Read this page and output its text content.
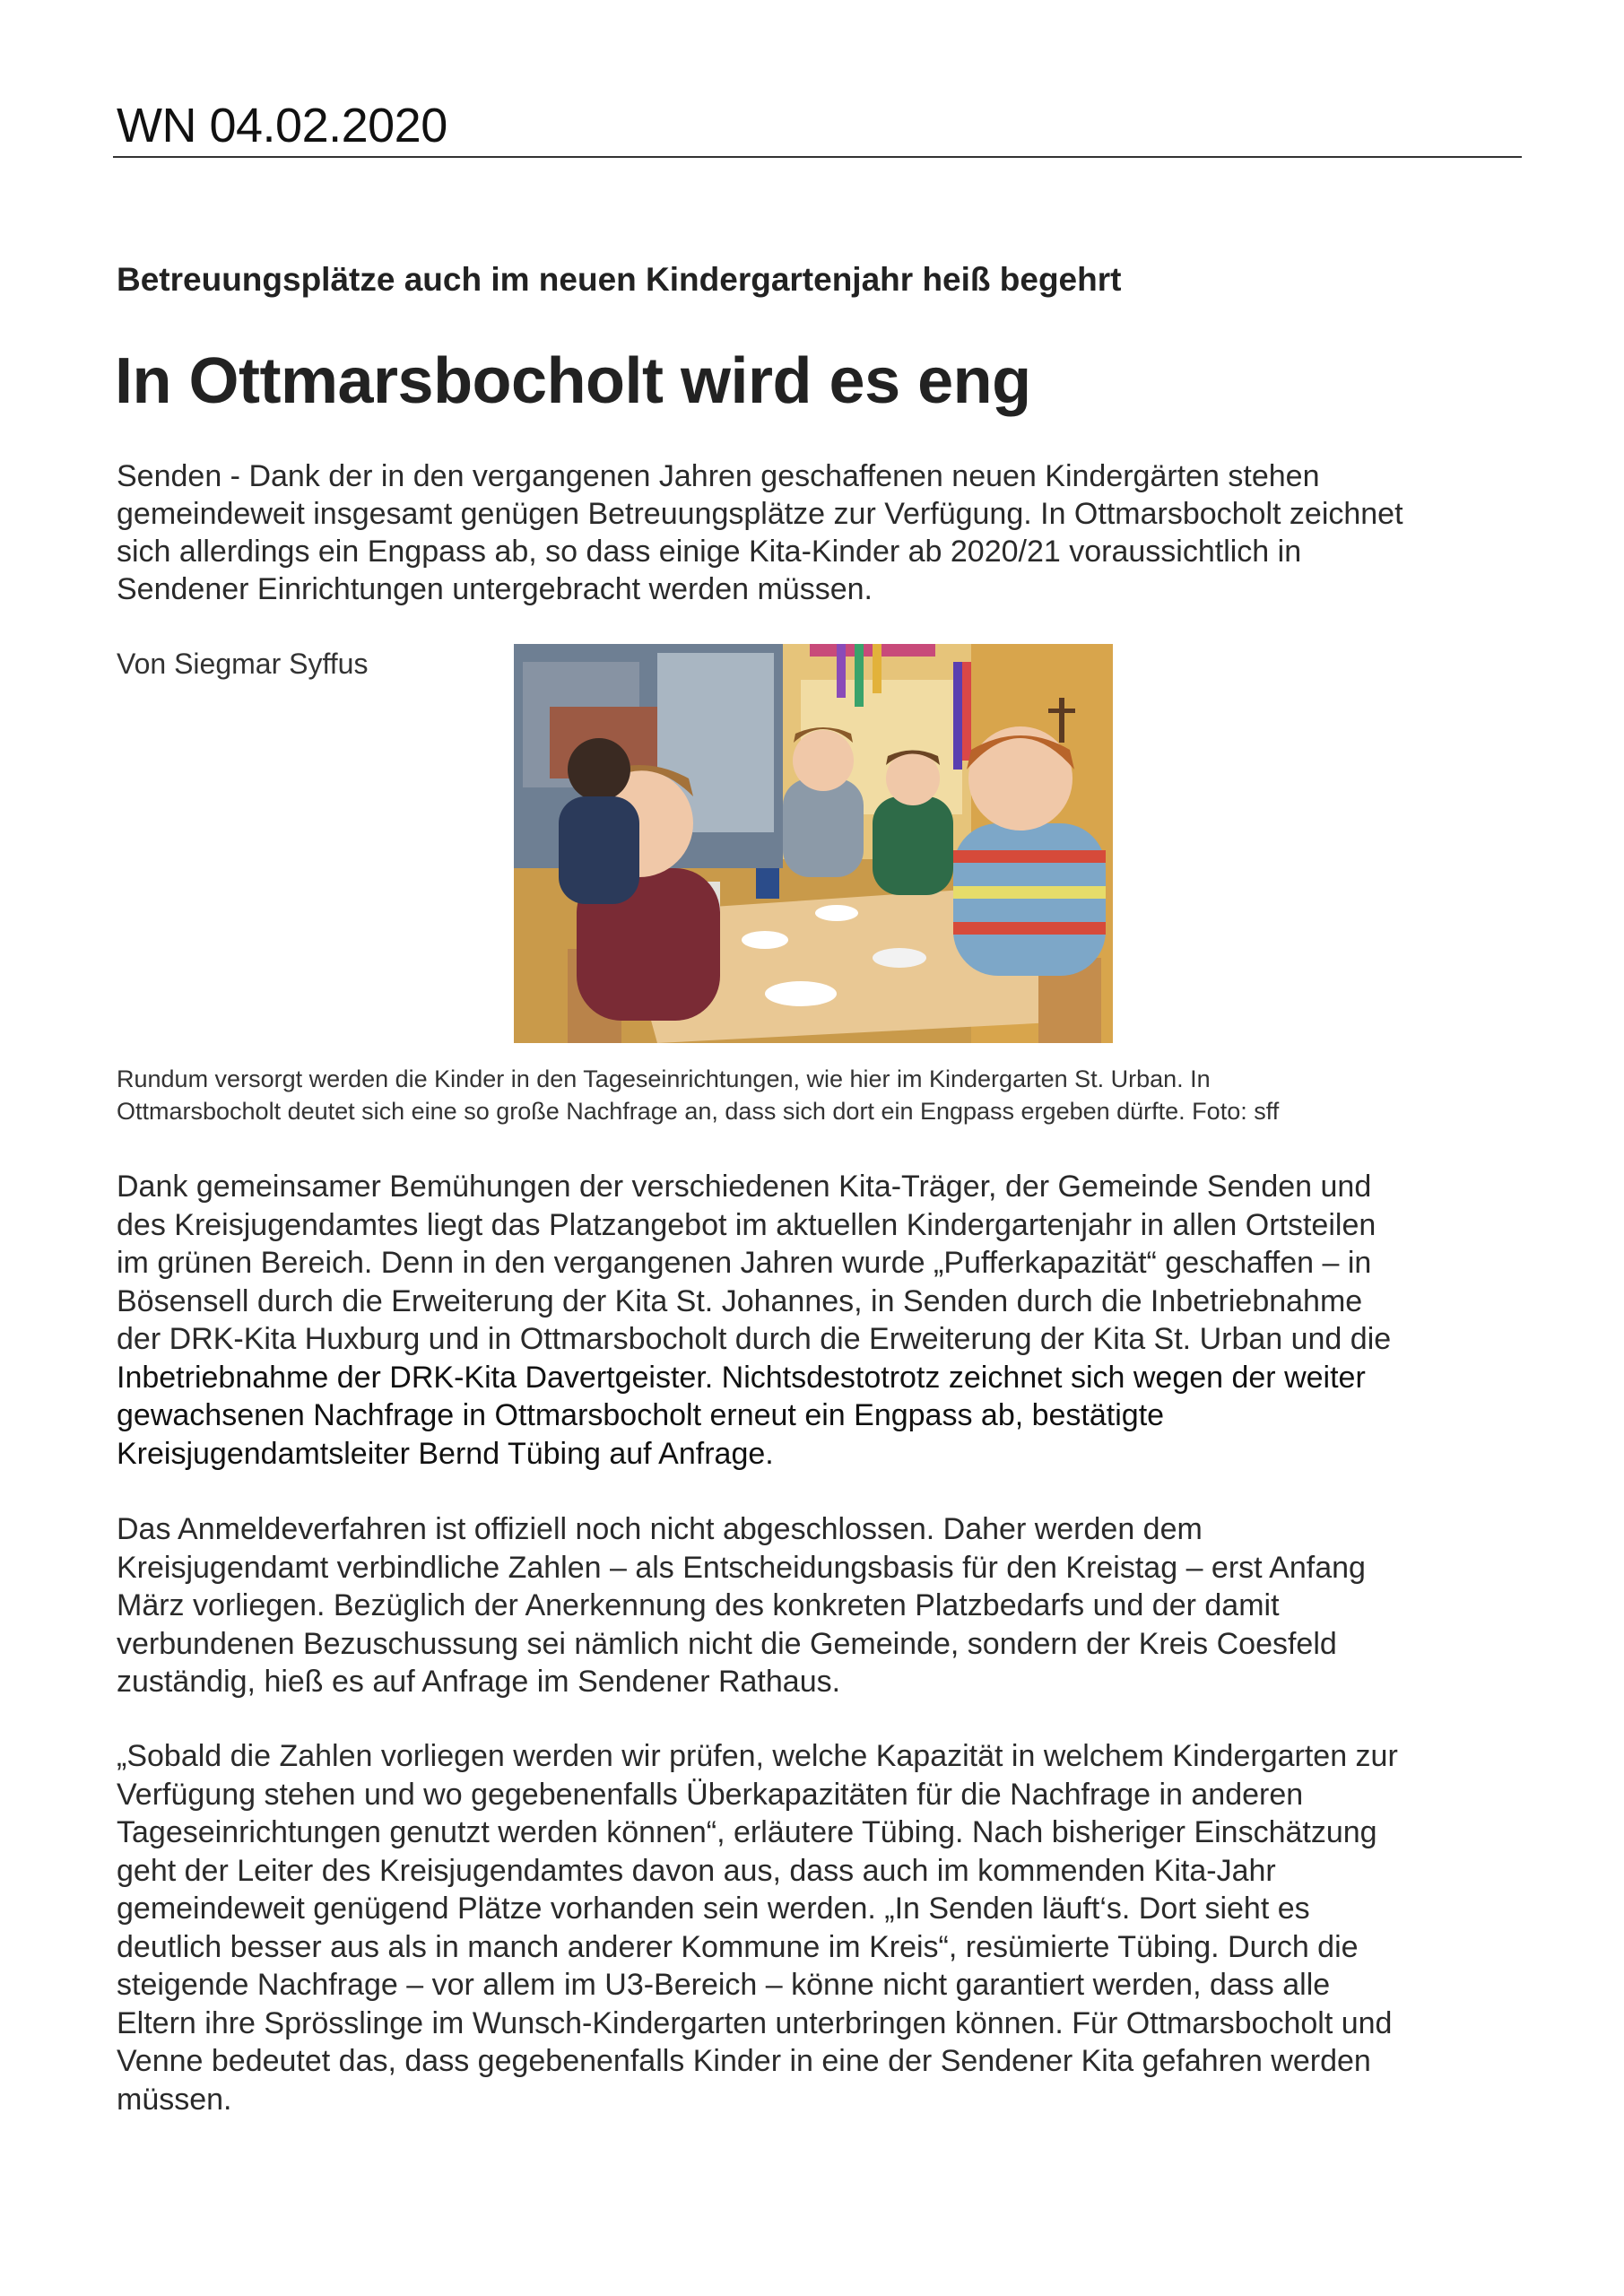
WN 04.02.2020
Betreuungsplätze auch im neuen Kindergartenjahr heiß begehrt
In Ottmarsbocholt wird es eng

Senden - Dank der in den vergangenen Jahren geschaffenen neuen Kindergärten stehen
gemeindeweit insgesamt genügen Betreuungsplätze zur Verfügung. In Ottmarsbocholt zeichnet
sich allerdings ein Engpass ab, so dass einige Kita-Kinder ab 2020/21 voraussichtlich in
Sendener Einrichtungen untergebracht werden müssen.

Von Siegmar Syffus

Rundum versorgt werden die Kinder in den Tageseinrichtungen, wie hier im Kindergarten St. Urban. In
Ottmarsbocholt deutet sich eine so große Nachfrage an, dass sich dort ein Engpass ergeben dürfte. Foto: sff

Dank gemeinsamer Bemühungen der verschiedenen Kita-Träger, der Gemeinde Senden und
des Kreisjugendamtes liegt das Platzangebot im aktuellen Kindergartenjahr in allen Ortsteilen
im grünen Bereich. Denn in den vergangenen Jahren wurde „Pufferkapazität“ geschaffen – in
Bösensell durch die Erweiterung der Kita St. Johannes, in Senden durch die Inbetriebnahme
der DRK-Kita Huxburg und in Ottmarsbocholt durch die Erweiterung der Kita St. Urban und die
Inbetriebnahme der DRK-Kita Davertgeister. Nichtsdestotrotz zeichnet sich wegen der weiter
gewachsenen Nachfrage in Ottmarsbocholt erneut ein Engpass ab, bestätigte
Kreisjugendamtsleiter Bernd Tübing auf Anfrage.

Das Anmeldeverfahren ist offiziell noch nicht abgeschlossen. Daher werden dem
Kreisjugendamt verbindliche Zahlen – als Entscheidungsbasis für den Kreistag – erst Anfang
März vorliegen. Bezüglich der Anerkennung des konkreten Platzbedarfs und der damit
verbundenen Bezuschussung sei nämlich nicht die Gemeinde, sondern der Kreis Coesfeld
zuständig, hieß es auf Anfrage im Sendener Rathaus.

„Sobald die Zahlen vorliegen werden wir prüfen, welche Kapazität in welchem Kindergarten zur
Verfügung stehen und wo gegebenenfalls Überkapazitäten für die Nachfrage in anderen
Tageseinrichtungen genutzt werden können“, erläutere Tübing. Nach bisheriger Einschätzung
geht der Leiter des Kreisjugendamtes davon aus, dass auch im kommenden Kita-Jahr
gemeindeweit genügend Plätze vorhanden sein werden. „In Senden läuft‘s. Dort sieht es
deutlich besser aus als in manch anderer Kommune im Kreis“, resümierte Tübing. Durch die
steigende Nachfrage – vor allem im U3-Bereich – könne nicht garantiert werden, dass alle
Eltern ihre Sprösslinge im Wunsch-Kindergarten unterbringen können. Für Ottmarsbocholt und
Venne bedeutet das, dass gegebenenfalls Kinder in eine der Sendener Kita gefahren werden
müssen.
